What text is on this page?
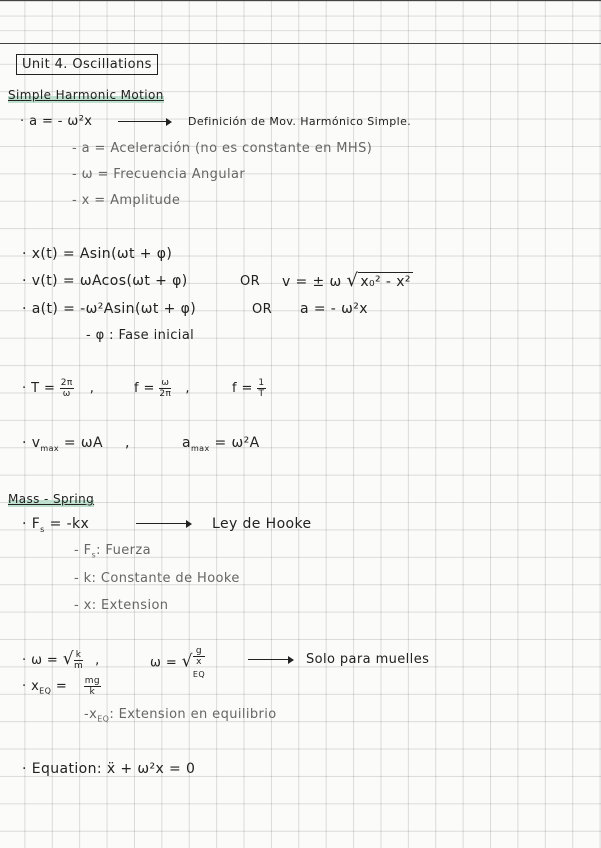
Unit 4. Oscillations
Simple Harmonic Motion
· a = - ω²x	Definición de Mov. Harmónico Simple.
- a = Aceleración (no es constante en MHS)
- ω = Frecuencia Angular
- x = Amplitude
· x(t) = Asin(ωt + φ)
· v(t) = ωAcos(ωt + φ)	OR v = ± ω √ x₀² - x²
· a(t) = -ω²Asin(ωt + φ)	OR a = - ω²x
- φ : Fase inicial
· $T = \frac{2\pi}{\omega}$ ,	$f = \frac{\omega}{2\pi}$ ,	$f = \frac{1}{T}$
· $v_{max} = \omega A$ ,	$a_{max} = \omega^2A$
Mass - Spring
· $F_s = -kx$	Ley de Hooke
- $F_s$: Fuerza
- k: Constante de Hooke
- x: Extension
· ω = √ $\frac{k}{m}$ ,	ω = √ g
x
$_{EQ}$	Solo para muelles
· $x_{EQ} = \frac{mg}{k}$
$-x_{EQ}$: Extension en equilibrio
· Equation: ẍ + ω²x = 0
